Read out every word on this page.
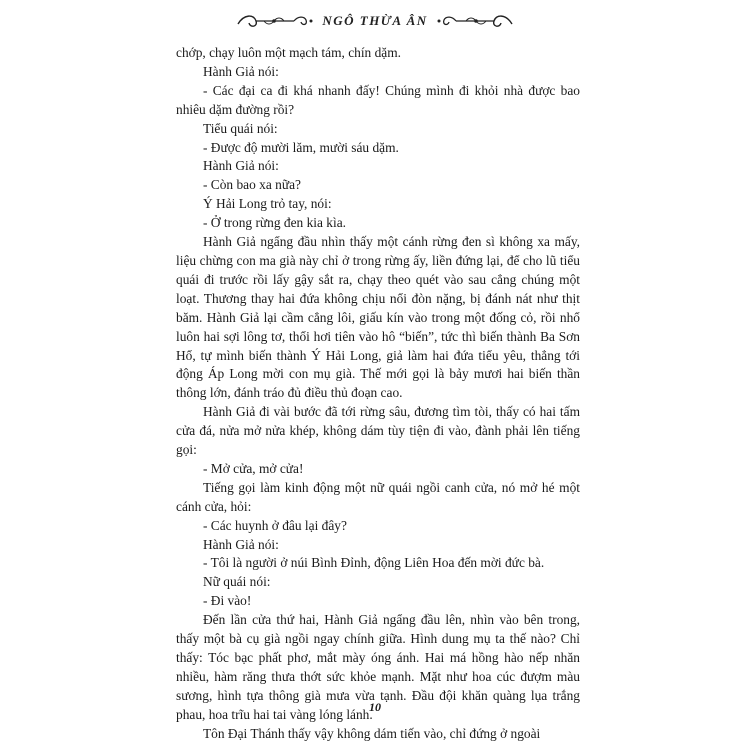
NGÔ THỪA ÂN

chớp, chạy luôn một mạch tám, chín dặm.

Hành Giả nói:

- Các đại ca đi khá nhanh đấy! Chúng mình đi khỏi nhà được bao nhiêu dặm đường rồi?

Tiểu quái nói:

- Được độ mười lăm, mười sáu dặm.

Hành Giả nói:

- Còn bao xa nữa?

Ý Hải Long trỏ tay, nói:

- Ở trong rừng đen kia kìa.

Hành Giả ngẩng đầu nhìn thấy một cánh rừng đen sì không xa mấy, liệu chừng con ma già này chỉ ở trong rừng ấy, liền đứng lại, để cho lũ tiểu quái đi trước rồi lấy gậy sắt ra, chạy theo quét vào sau cẳng chúng một loạt. Thương thay hai đứa không chịu nổi đòn nặng, bị đánh nát như thịt băm. Hành Giả lại cầm cẳng lôi, giấu kín vào trong một đống cỏ, rồi nhổ luôn hai sợi lông tơ, thổi hơi tiên vào hô “biến”, tức thì biến thành Ba Sơn Hổ, tự mình biến thành Ý Hải Long, giả làm hai đứa tiểu yêu, thẳng tới động Áp Long mời con mụ già. Thế mới gọi là bảy mươi hai biến thần thông lớn, đánh tráo đủ điều thủ đoạn cao.

Hành Giả đi vài bước đã tới rừng sâu, đương tìm tòi, thấy có hai tấm cửa đá, nửa mở nửa khép, không dám tùy tiện đi vào, đành phải lên tiếng gọi:

- Mở cửa, mở cửa!

Tiếng gọi làm kinh động một nữ quái ngồi canh cửa, nó mở hé một cánh cửa, hỏi:

- Các huynh ở đâu lại đây?

Hành Giả nói:

- Tôi là người ở núi Bình Đỉnh, động Liên Hoa đến mời đức bà.

Nữ quái nói:

- Đi vào!

Đến lần cửa thứ hai, Hành Giả ngẩng đầu lên, nhìn vào bên trong, thấy một bà cụ già ngồi ngay chính giữa. Hình dung mụ ta thế nào? Chỉ thấy: Tóc bạc phất phơ, mắt mày óng ánh. Hai má hồng hào nếp nhăn nhiều, hàm răng thưa thớt sức khỏe mạnh. Mặt như hoa cúc đượm màu sương, hình tựa thông già mưa vừa tạnh. Đầu đội khăn quàng lụa trắng phau, hoa trĩu hai tai vàng lóng lánh.

Tôn Đại Thánh thấy vậy không dám tiến vào, chỉ đứng ở ngoài

10
